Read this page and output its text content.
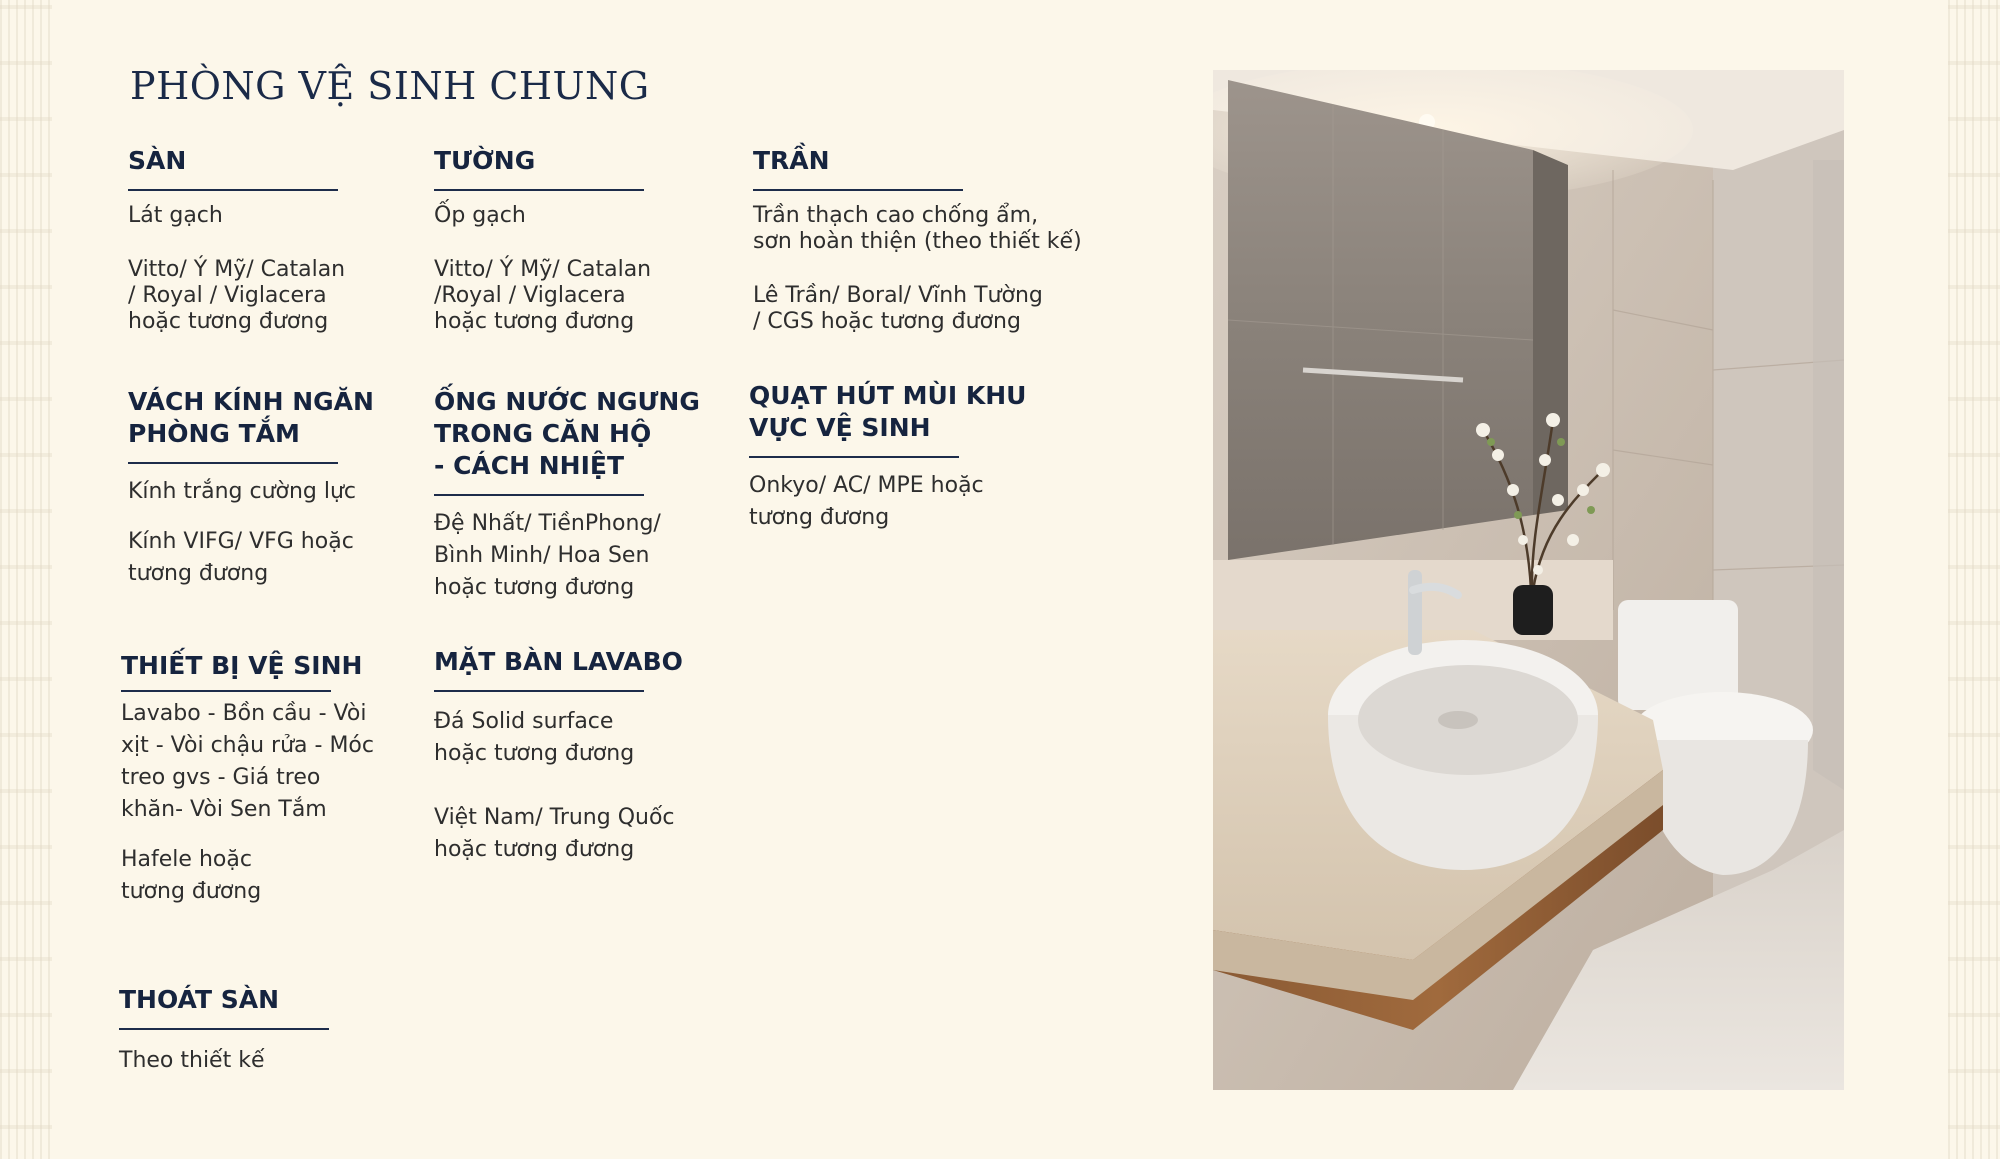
PHÒNG VỆ SINH CHUNG
SÀN

Lát gạch

Vitto/ Ý Mỹ/ Catalan
/ Royal / Viglacera
hoặc tương đương

VÁCH KÍNH NGĂN
PHÒNG TẮM

Kính trắng cường lực

Kính VIFG/ VFG hoặc
tương đương

THIẾT BỊ VỆ SINH

Lavabo - Bồn cầu - Vòi
xịt - Vòi chậu rửa - Móc
treo gvs - Giá treo
khăn- Vòi Sen Tắm

Hafele hoặc
tương đương

THOÁT SÀN

Theo thiết kế

TƯỜNG

Ốp gạch

Vitto/ Ý Mỹ/ Catalan
/Royal / Viglacera
hoặc tương đương

ỐNG NƯỚC NGƯNG
TRONG CĂN HỘ
- CÁCH NHIỆT

Đệ Nhất/ TiềnPhong/
Bình Minh/ Hoa Sen
hoặc tương đương

MẶT BÀN LAVABO

Đá Solid surface
hoặc tương đương

Việt Nam/ Trung Quốc
hoặc tương đương

TRẦN

Trần thạch cao chống ẩm,
sơn hoàn thiện (theo thiết kế)

Lê Trần/ Boral/ Vĩnh Tường
/ CGS hoặc tương đương

QUẠT HÚT MÙI KHU
VỰC VỆ SINH

Onkyo/ AC/ MPE hoặc
tương đương
